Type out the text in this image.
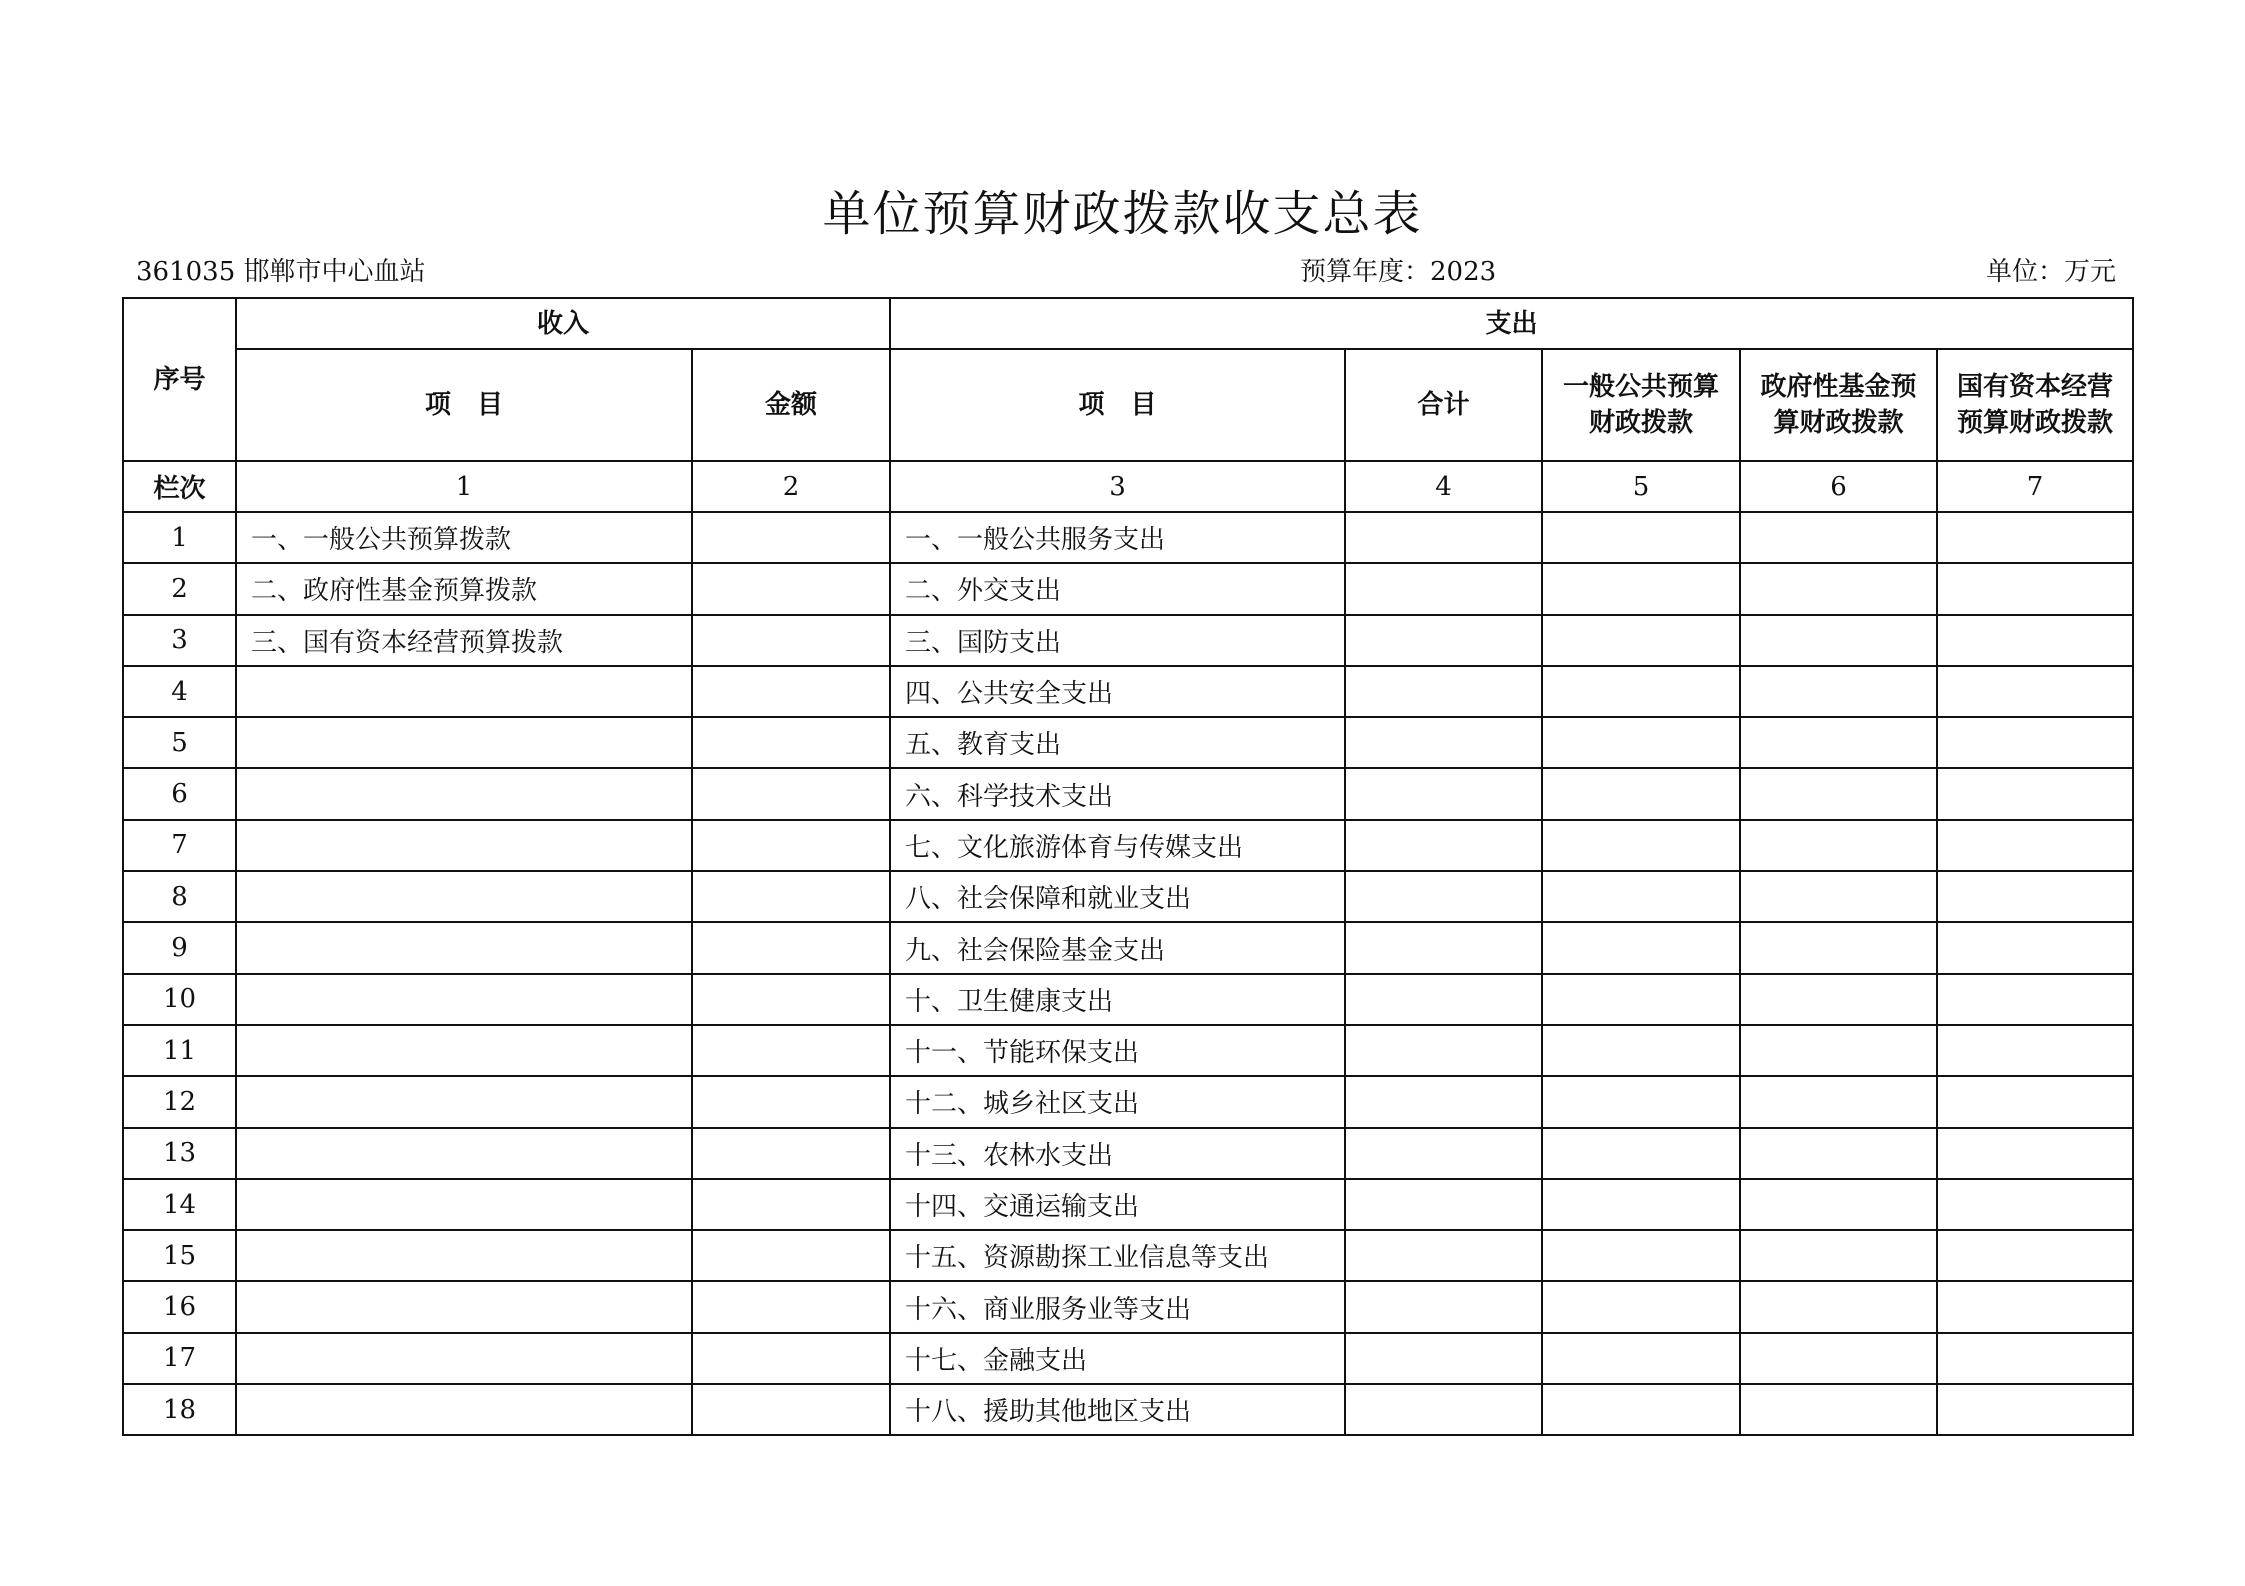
单位预算财政拨款收支总表
361035 邯郸市中心血站	预算年度：2023	单位：万元
序号	收入		支出				
	项目	金额	项目	合计	一般公共预算财政拨款	政府性基金预算财政拨款	国有资本经营预算财政拨款
栏次	1	2	3	4	5	6	7
1	一、一般公共预算拨款		一、一般公共服务支出				
2	二、政府性基金预算拨款		二、外交支出				
3	三、国有资本经营预算拨款		三、国防支出				
4			四、公共安全支出				
5			五、教育支出				
6			六、科学技术支出				
7			七、文化旅游体育与传媒支出				
8			八、社会保障和就业支出				
9			九、社会保险基金支出				
10			十、卫生健康支出				
11			十一、节能环保支出				
12			十二、城乡社区支出				
13			十三、农林水支出				
14			十四、交通运输支出				
15			十五、资源勘探工业信息等支出				
16			十六、商业服务业等支出				
17			十七、金融支出				
18			十八、援助其他地区支出				
